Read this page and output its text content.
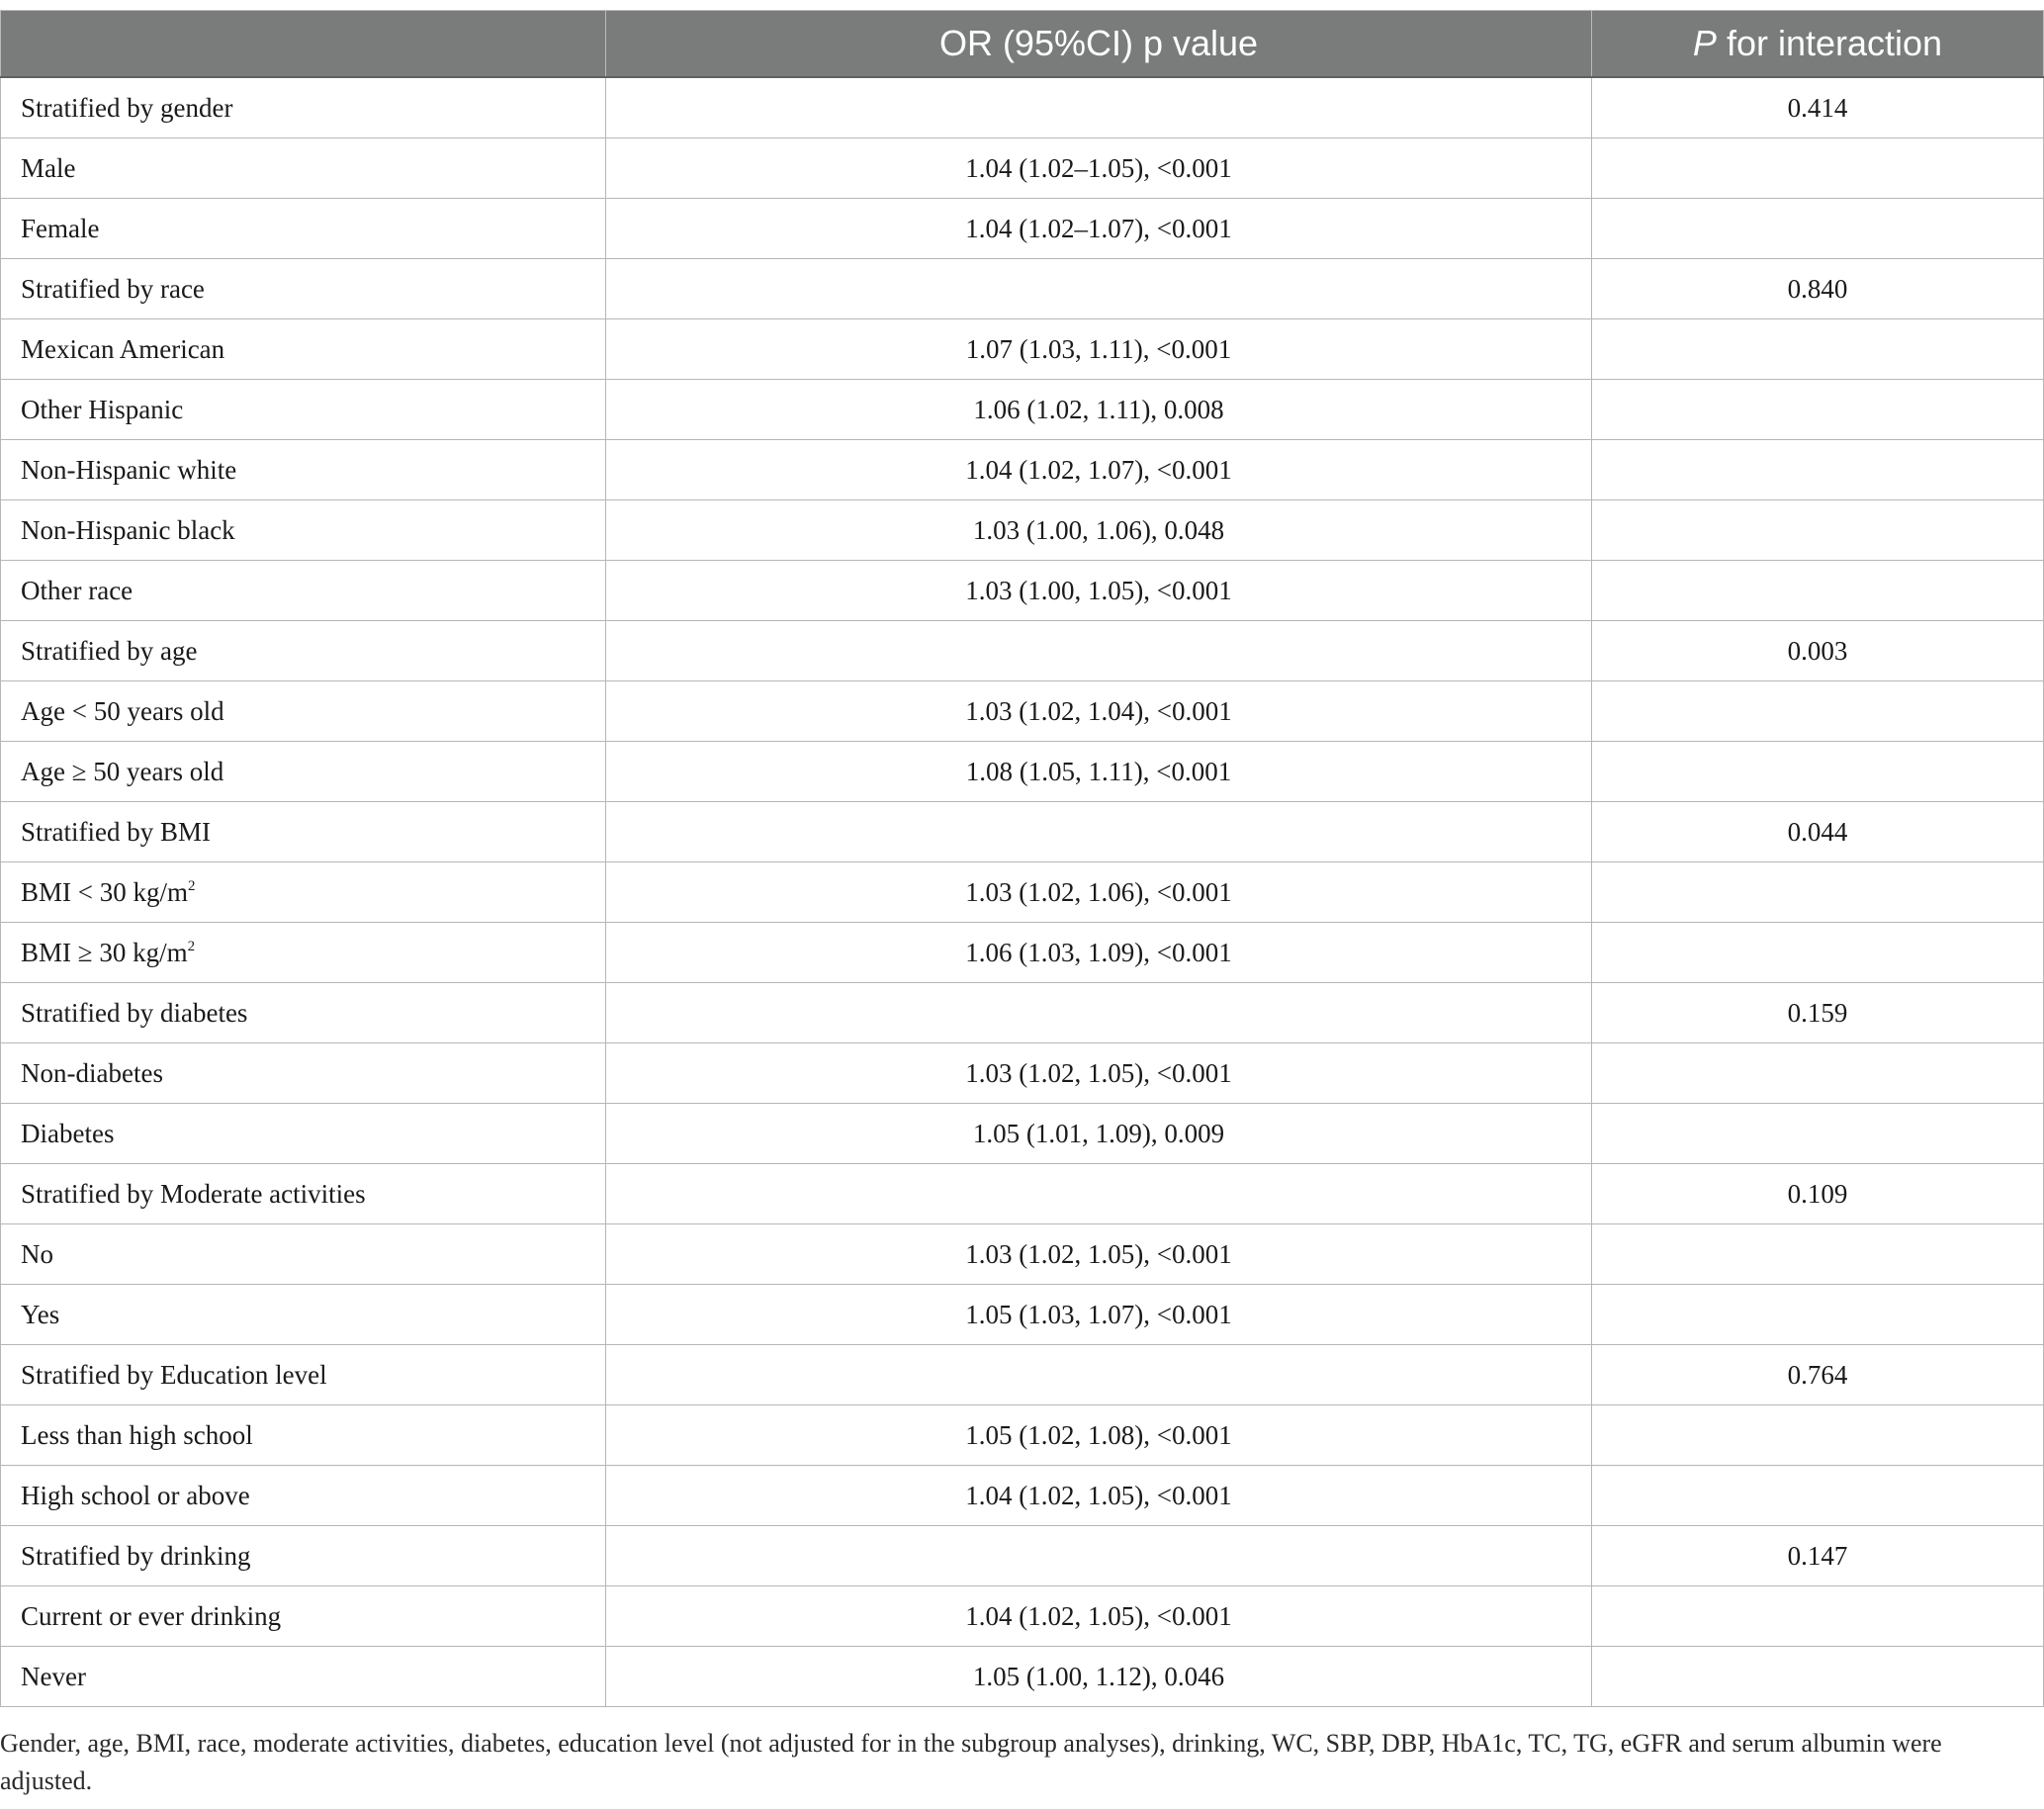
	OR (95%CI) p value	P for interaction
Stratified by gender		0.414
Male	1.04 (1.02–1.05), <0.001	
Female	1.04 (1.02–1.07), <0.001	
Stratified by race		0.840
Mexican American	1.07 (1.03, 1.11), <0.001	
Other Hispanic	1.06 (1.02, 1.11), 0.008	
Non-Hispanic white	1.04 (1.02, 1.07), <0.001	
Non-Hispanic black	1.03 (1.00, 1.06), 0.048	
Other race	1.03 (1.00, 1.05), <0.001	
Stratified by age		0.003
Age < 50 years old	1.03 (1.02, 1.04), <0.001	
Age ≥ 50 years old	1.08 (1.05, 1.11), <0.001	
Stratified by BMI		0.044
BMI < 30 $kg/m^2$	1.03 (1.02, 1.06), <0.001	
BMI ≥ 30 $kg/m^2$	1.06 (1.03, 1.09), <0.001	
Stratified by diabetes		0.159
Non-diabetes	1.03 (1.02, 1.05), <0.001	
Diabetes	1.05 (1.01, 1.09), 0.009	
Stratified by Moderate activities		0.109
No	1.03 (1.02, 1.05), <0.001	
Yes	1.05 (1.03, 1.07), <0.001	
Stratified by Education level		0.764
Less than high school	1.05 (1.02, 1.08), <0.001	
High school or above	1.04 (1.02, 1.05), <0.001	
Stratified by drinking		0.147
Current or ever drinking	1.04 (1.02, 1.05), <0.001	
Never	1.05 (1.00, 1.12), 0.046	
Gender, age, BMI, race, moderate activities, diabetes, education level (not adjusted for in the subgroup analyses), drinking, WC, SBP, DBP, HbA1c, TC, TG, eGFR and serum albumin were adjusted.
